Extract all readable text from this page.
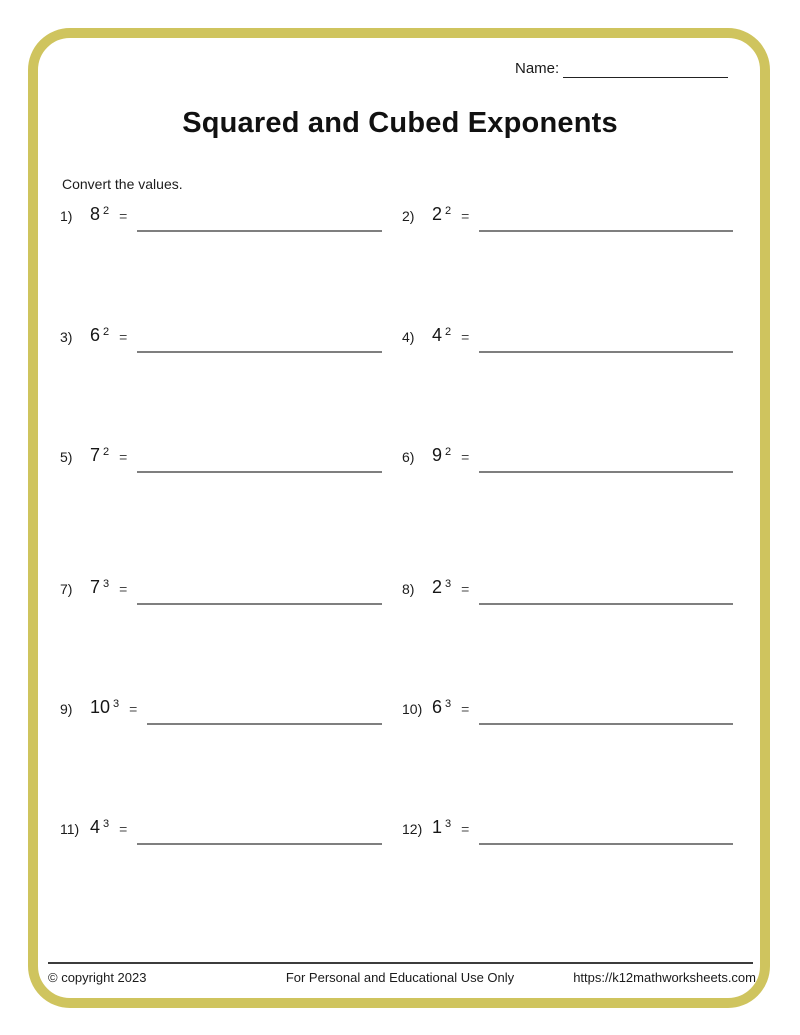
Name:
Squared and Cubed Exponents
Convert the values.
1) 8 $^2$ =	2) 2 $^2$ =
3) 6 $^2$ =	4) 4 $^2$ =
5) 7 $^2$ =	6) 9 $^2$ =
7) 7 $^3$ =	8) 2 $^3$ =
9) 10 $^3$ =	10) 6 $^3$ =
11) 4 $^3$ =	12) 1 $^3$ =
© copyright 2023	For Personal and Educational Use Only	https://k12mathworksheets.com
